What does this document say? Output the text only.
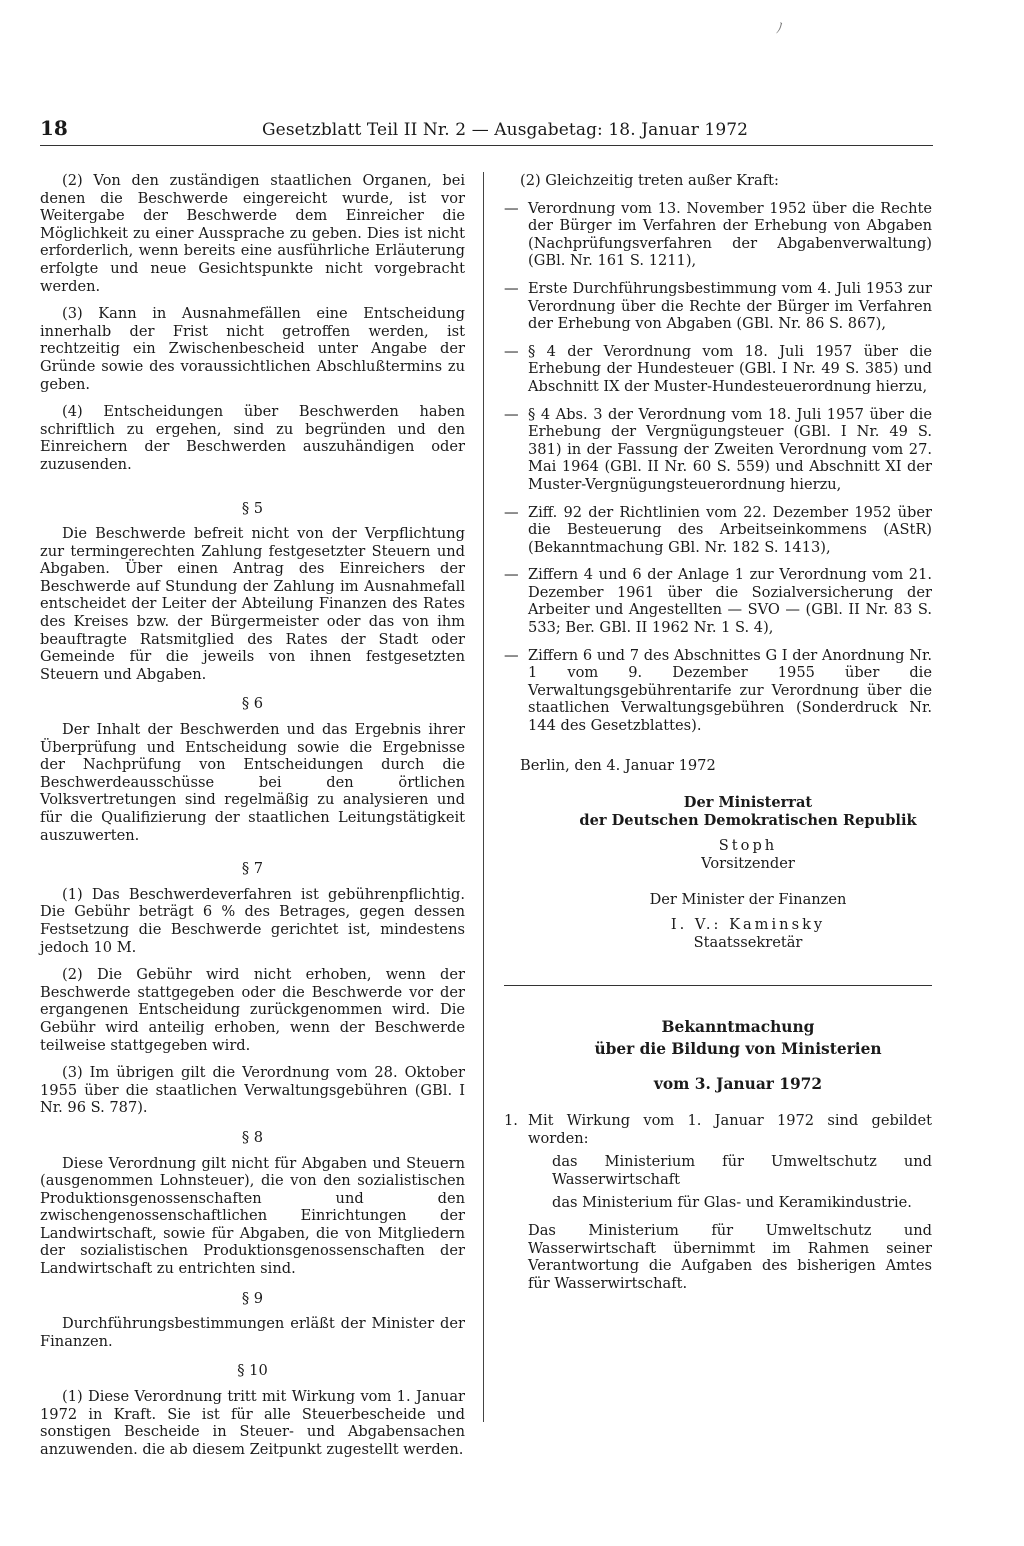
ﾉ
18	Gesetzblatt Teil II Nr. 2 — Ausgabetag: 18. Januar 1972

(2) Von den zuständigen staatlichen Organen, bei denen die Beschwerde eingereicht wurde, ist vor Weitergabe der Beschwerde dem Einreicher die Möglichkeit zu einer Aussprache zu geben. Dies ist nicht erforderlich, wenn bereits eine ausführliche Erläuterung erfolgte und neue Gesichtspunkte nicht vorgebracht werden.

(3) Kann in Ausnahmefällen eine Entscheidung innerhalb der Frist nicht getroffen werden, ist rechtzeitig ein Zwischenbescheid unter Angabe der Gründe sowie des voraussichtlichen Abschlußtermins zu geben.

(4) Entscheidungen über Beschwerden haben schriftlich zu ergehen, sind zu begründen und den Einreichern der Beschwerden auszuhändigen oder zuzusenden.

§ 5

Die Beschwerde befreit nicht von der Verpflichtung zur termingerechten Zahlung festgesetzter Steuern und Abgaben. Über einen Antrag des Einreichers der Beschwerde auf Stundung der Zahlung im Ausnahmefall entscheidet der Leiter der Abteilung Finanzen des Rates des Kreises bzw. der Bürgermeister oder das von ihm beauftragte Ratsmitglied des Rates der Stadt oder Gemeinde für die jeweils von ihnen festgesetzten Steuern und Abgaben.

§ 6

Der Inhalt der Beschwerden und das Ergebnis ihrer Überprüfung und Entscheidung sowie die Ergebnisse der Nachprüfung von Entscheidungen durch die Beschwerdeausschüsse bei den örtlichen Volksvertretungen sind regelmäßig zu analysieren und für die Qualifizierung der staatlichen Leitungstätigkeit auszuwerten.

§ 7

(1) Das Beschwerdeverfahren ist gebührenpflichtig. Die Gebühr beträgt 6 % des Betrages, gegen dessen Festsetzung die Beschwerde gerichtet ist, mindestens jedoch 10 M.

(2) Die Gebühr wird nicht erhoben, wenn der Beschwerde stattgegeben oder die Beschwerde vor der ergangenen Entscheidung zurückgenommen wird. Die Gebühr wird anteilig erhoben, wenn der Beschwerde teilweise stattgegeben wird.

(3) Im übrigen gilt die Verordnung vom 28. Oktober 1955 über die staatlichen Verwaltungsgebühren (GBl. I Nr. 96 S. 787).

§ 8

Diese Verordnung gilt nicht für Abgaben und Steuern (ausgenommen Lohnsteuer), die von den sozialistischen Produktionsgenossenschaften und den zwischengenossenschaftlichen Einrichtungen der Landwirtschaft, sowie für Abgaben, die von Mitgliedern der sozialistischen Produktionsgenossenschaften der Landwirtschaft zu entrichten sind.

§ 9

Durchführungsbestimmungen erläßt der Minister der Finanzen.

§ 10

(1) Diese Verordnung tritt mit Wirkung vom 1. Januar 1972 in Kraft. Sie ist für alle Steuerbescheide und sonstigen Bescheide in Steuer- und Abgabensachen anzuwenden. die ab diesem Zeitpunkt zugestellt werden.

(2) Gleichzeitig treten außer Kraft:

— Verordnung vom 13. November 1952 über die Rechte der Bürger im Verfahren der Erhebung von Abgaben (Nachprüfungsverfahren der Abgabenverwaltung) (GBl. Nr. 161 S. 1211),
— Erste Durchführungsbestimmung vom 4. Juli 1953 zur Verordnung über die Rechte der Bürger im Verfahren der Erhebung von Abgaben (GBl. Nr. 86 S. 867),
— § 4 der Verordnung vom 18. Juli 1957 über die Erhebung der Hundesteuer (GBl. I Nr. 49 S. 385) und Abschnitt IX der Muster-Hundesteuerordnung hierzu,
— § 4 Abs. 3 der Verordnung vom 18. Juli 1957 über die Erhebung der Vergnügungsteuer (GBl. I Nr. 49 S. 381) in der Fassung der Zweiten Verordnung vom 27. Mai 1964 (GBl. II Nr. 60 S. 559) und Abschnitt XI der Muster-Vergnügungsteuerordnung hierzu,
— Ziff. 92 der Richtlinien vom 22. Dezember 1952 über die Besteuerung des Arbeitseinkommens (AStR) (Bekanntmachung GBl. Nr. 182 S. 1413),
— Ziffern 4 und 6 der Anlage 1 zur Verordnung vom 21. Dezember 1961 über die Sozialversicherung der Arbeiter und Angestellten — SVO — (GBl. II Nr. 83 S. 533; Ber. GBl. II 1962 Nr. 1 S. 4),
— Ziffern 6 und 7 des Abschnittes G I der Anordnung Nr. 1 vom 9. Dezember 1955 über die Verwaltungsgebührentarife zur Verordnung über die staatlichen Verwaltungsgebühren (Sonderdruck Nr. 144 des Gesetzblattes).
Berlin, den 4. Januar 1972
Der Ministerrat
der Deutschen Demokratischen Republik
Stoph
Vorsitzender
Der Minister der Finanzen
I. V.: Kaminsky
Staatssekretär
Bekanntmachung
über die Bildung von Ministerien
vom 3. Januar 1972
1. Mit Wirkung vom 1. Januar 1972 sind gebildet worden:
das Ministerium für Umweltschutz und Wasserwirtschaft
das Ministerium für Glas- und Keramikindustrie.
Das Ministerium für Umweltschutz und Wasserwirtschaft übernimmt im Rahmen seiner Verantwortung die Aufgaben des bisherigen Amtes für Wasserwirtschaft.
